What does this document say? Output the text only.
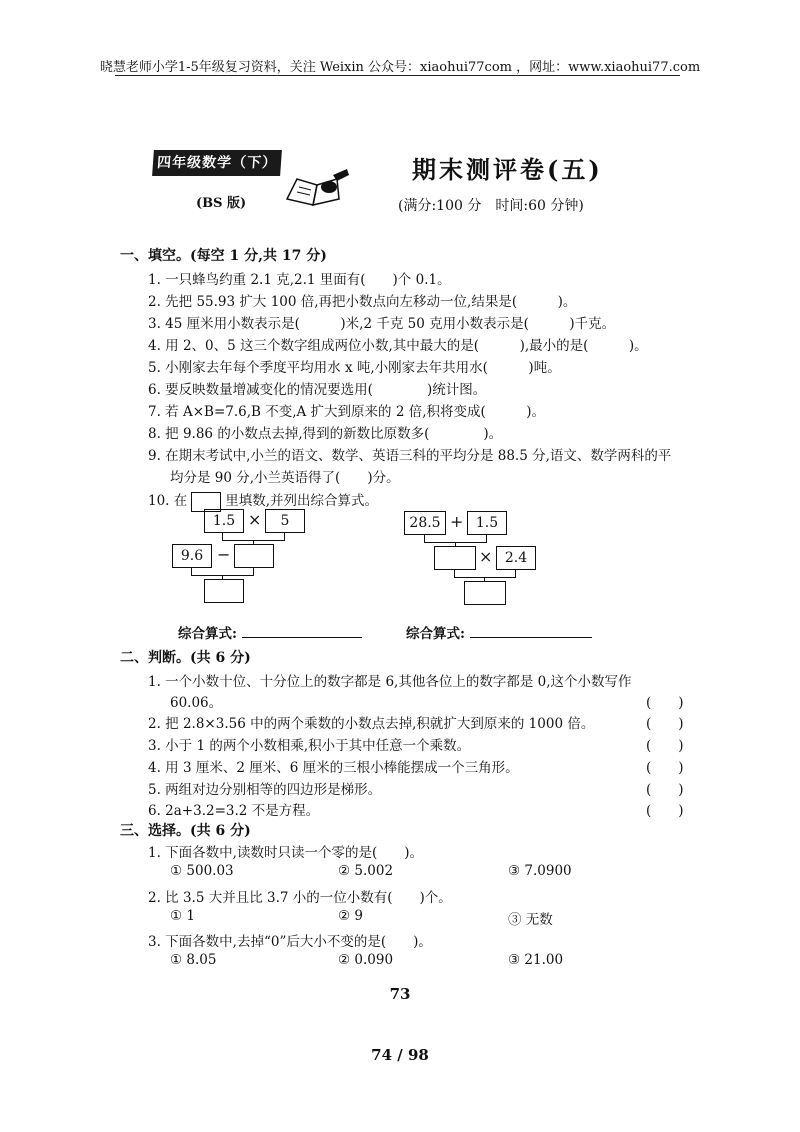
晓慧老师小学1-5年级复习资料，关注 Weixin 公众号：xiaohui77com ，网址：www.xiaohui77.com
四年级数学（下）	期末测评卷(五)
(BS 版)	(满分:100 分　时间:60 分钟)
一、填空。(每空 1 分,共 17 分)
1. 一只蜂鸟约重 2.1 克,2.1 里面有(　　)个 0.1。
2. 先把 55.93 扩大 100 倍,再把小数点向左移动一位,结果是(　　　)。
3. 45 厘米用小数表示是(　　　)米,2 千克 50 克用小数表示是(　　　)千克。
4. 用 2、0、5 这三个数字组成两位小数,其中最大的是(　　　),最小的是(　　　)。
5. 小刚家去年每个季度平均用水 x 吨,小刚家去年共用水(　　　)吨。
6. 要反映数量增减变化的情况要选用(　　　　)统计图。
7. 若 A×B=7.6,B 不变,A 扩大到原来的 2 倍,积将变成(　　　)。
8. 把 9.86 的小数点去掉,得到的新数比原数多(　　　　)。
9. 在期末考试中,小兰的语文、数学、英语三科的平均分是 88.5 分,语文、数学两科的平
均分是 90 分,小兰英语得了(　　)分。
10. 在	里填数,并列出综合算式。
1.5 ×	5
9.6 −
28.5 + 1.5
× 2.4
综合算式:	综合算式:
二、判断。(共 6 分)
1. 一个小数十位、十分位上的数字都是 6,其他各位上的数字都是 0,这个小数写作
60.06。	(　　)
2. 把 2.8×3.56 中的两个乘数的小数点去掉,积就扩大到原来的 1000 倍。	(　　)
3. 小于 1 的两个小数相乘,积小于其中任意一个乘数。	(　　)
4. 用 3 厘米、2 厘米、6 厘米的三根小棒能摆成一个三角形。	(　　)
5. 两组对边分别相等的四边形是梯形。	(　　)
6. 2a+3.2=3.2 不是方程。	(　　)
三、选择。(共 6 分)
1. 下面各数中,读数时只读一个零的是(　　)。
① 500.03	② 5.002	③ 7.0900
2. 比 3.5 大并且比 3.7 小的一位小数有(　　)个。
① 1	② 9	③ 无数
3. 下面各数中,去掉“0”后大小不变的是(　　)。
① 8.05	② 0.090	③ 21.00
73
74 / 98
